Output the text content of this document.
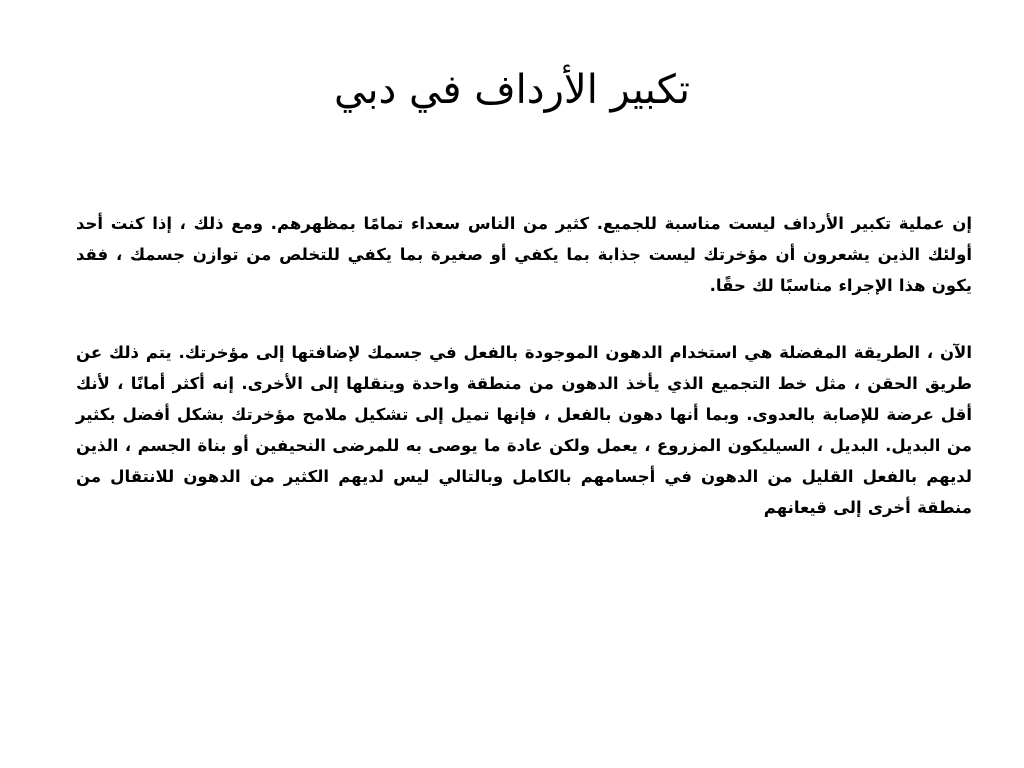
تكبير الأرداف في دبي

إن عملية تكبير الأرداف ليست مناسبة للجميع. كثير من الناس سعداء تمامًا بمظهرهم. ومع ذلك ، إذا كنت أحد أولئك الذين يشعرون أن مؤخرتك ليست جذابة بما يكفي أو صغيرة بما يكفي للتخلص من توازن جسمك ، فقد يكون هذا الإجراء مناسبًا لك حقًا.

الآن ، الطريقة المفضلة هي استخدام الدهون الموجودة بالفعل في جسمك لإضافتها إلى مؤخرتك. يتم ذلك عن طريق الحقن ، مثل خط التجميع الذي يأخذ الدهون من منطقة واحدة وينقلها إلى الأخرى. إنه أكثر أمانًا ، لأنك أقل عرضة للإصابة بالعدوى. وبما أنها دهون بالفعل ، فإنها تميل إلى تشكيل ملامح مؤخرتك بشكل أفضل بكثير من البديل. البديل ، السيليكون المزروع ، يعمل ولكن عادة ما يوصى به للمرضى النحيفين أو بناة الجسم ، الذين لديهم بالفعل القليل من الدهون في أجسامهم بالكامل وبالتالي ليس لديهم الكثير من الدهون للانتقال من منطقة أخرى إلى قيعانهم
